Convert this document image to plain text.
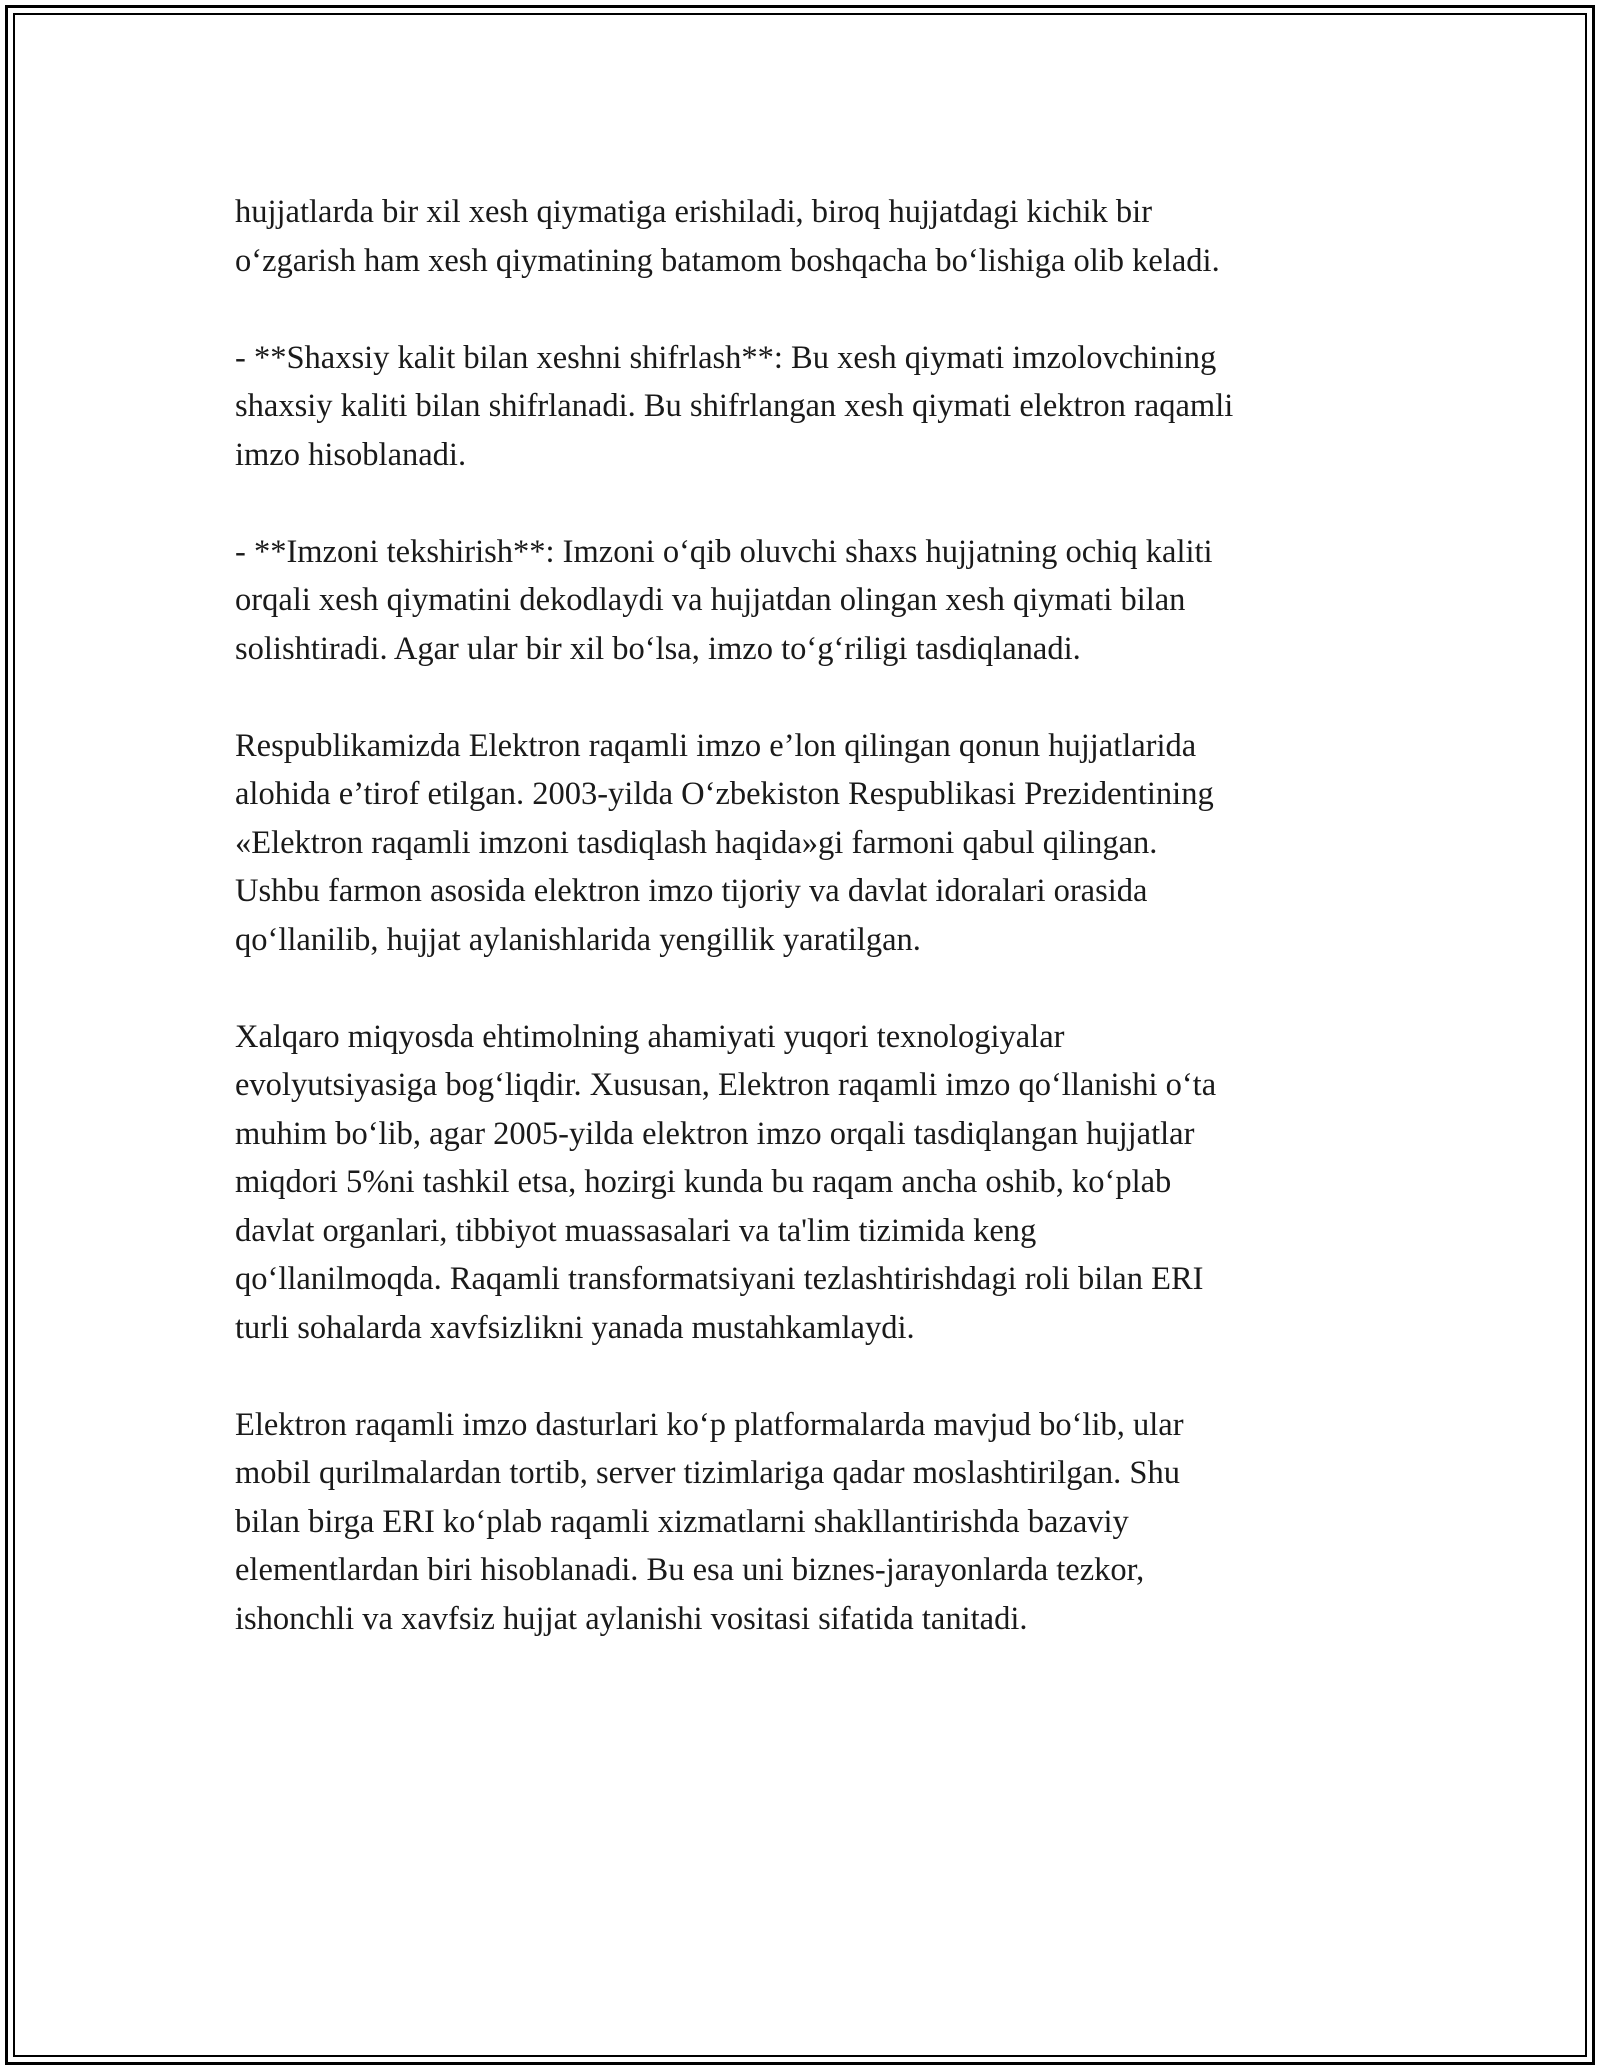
hujjatlarda bir xil xesh qiymatiga erishiladi, biroq hujjatdagi kichik bir
o‘zgarish ham xesh qiymatining batamom boshqacha bo‘lishiga olib keladi.

- **Shaxsiy kalit bilan xeshni shifrlash**: Bu xesh qiymati imzolovchining
shaxsiy kaliti bilan shifrlanadi. Bu shifrlangan xesh qiymati elektron raqamli
imzo hisoblanadi.

- **Imzoni tekshirish**: Imzoni o‘qib oluvchi shaxs hujjatning ochiq kaliti
orqali xesh qiymatini dekodlaydi va hujjatdan olingan xesh qiymati bilan
solishtiradi. Agar ular bir xil bo‘lsa, imzo to‘g‘riligi tasdiqlanadi.

Respublikamizda Elektron raqamli imzo e’lon qilingan qonun hujjatlarida
alohida e’tirof etilgan. 2003-yilda O‘zbekiston Respublikasi Prezidentining
«Elektron raqamli imzoni tasdiqlash haqida»gi farmoni qabul qilingan.
Ushbu farmon asosida elektron imzo tijoriy va davlat idoralari orasida
qo‘llanilib, hujjat aylanishlarida yengillik yaratilgan.

Xalqaro miqyosda ehtimolning ahamiyati yuqori texnologiyalar
evolyutsiyasiga bog‘liqdir. Xususan, Elektron raqamli imzo qo‘llanishi o‘ta
muhim bo‘lib, agar 2005-yilda elektron imzo orqali tasdiqlangan hujjatlar
miqdori 5%ni tashkil etsa, hozirgi kunda bu raqam ancha oshib, ko‘plab
davlat organlari, tibbiyot muassasalari va ta'lim tizimida keng
qo‘llanilmoqda. Raqamli transformatsiyani tezlashtirishdagi roli bilan ERI
turli sohalarda xavfsizlikni yanada mustahkamlaydi.

Elektron raqamli imzo dasturlari ko‘p platformalarda mavjud bo‘lib, ular
mobil qurilmalardan tortib, server tizimlariga qadar moslashtirilgan. Shu
bilan birga ERI ko‘plab raqamli xizmatlarni shakllantirishda bazaviy
elementlardan biri hisoblanadi. Bu esa uni biznes-jarayonlarda tezkor,
ishonchli va xavfsiz hujjat aylanishi vositasi sifatida tanitadi.
